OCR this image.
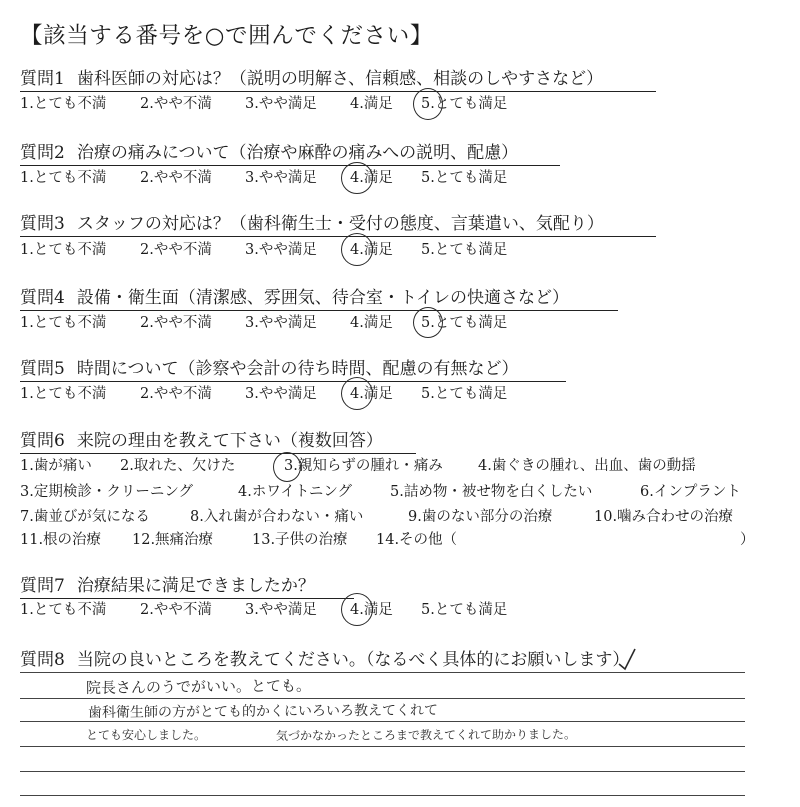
【該当する番号を○で囲んでください】
質問1 歯科医師の対応は？（説明の明解さ、信頼感、相談のしやすさなど）
1.とても不満 2.やや不満 3.やや満足 4.満足 5.とても満足
質問2 治療の痛みについて（治療や麻酔の痛みへの説明、配慮）
1.とても不満 2.やや不満 3.やや満足 4.満足 5.とても満足
質問3 スタッフの対応は？（歯科衛生士・受付の態度、言葉遣い、気配り）
1.とても不満 2.やや不満 3.やや満足 4.満足 5.とても満足
質問4 設備・衛生面（清潔感、雰囲気、待合室・トイレの快適さなど）
1.とても不満 2.やや不満 3.やや満足 4.満足 5.とても満足
質問5 時間について（診察や会計の待ち時間、配慮の有無など）
1.とても不満 2.やや不満 3.やや満足 4.満足 5.とても満足
質問6 来院の理由を教えて下さい（複数回答）
1.歯が痛い 2.取れた、欠けた	3.親知らずの腫れ・痛み 4.歯ぐきの腫れ、出血、歯の動揺
3.定期検診・クリーニング	4.ホワイトニング	5.詰め物・被せ物を白くしたい	6.インプラント
7.歯並びが気になる	8.入れ歯が合わない・痛い	9.歯のない部分の治療	10.噛み合わせの治療
11.根の治療 12.無痛治療	13.子供の治療 14.その他（	）
質問7 治療結果に満足できましたか？
1.とても不満 2.やや不満 3.やや満足 4.満足 5.とても満足
質問8 当院の良いところを教えてください。（なるべく具体的にお願いします）
院長さんのうでがいい。とても。
歯科衛生師の方がとても的かくにいろいろ教えてくれて
とても安心しました。	気づかなかったところまで教えてくれて助かりました。
